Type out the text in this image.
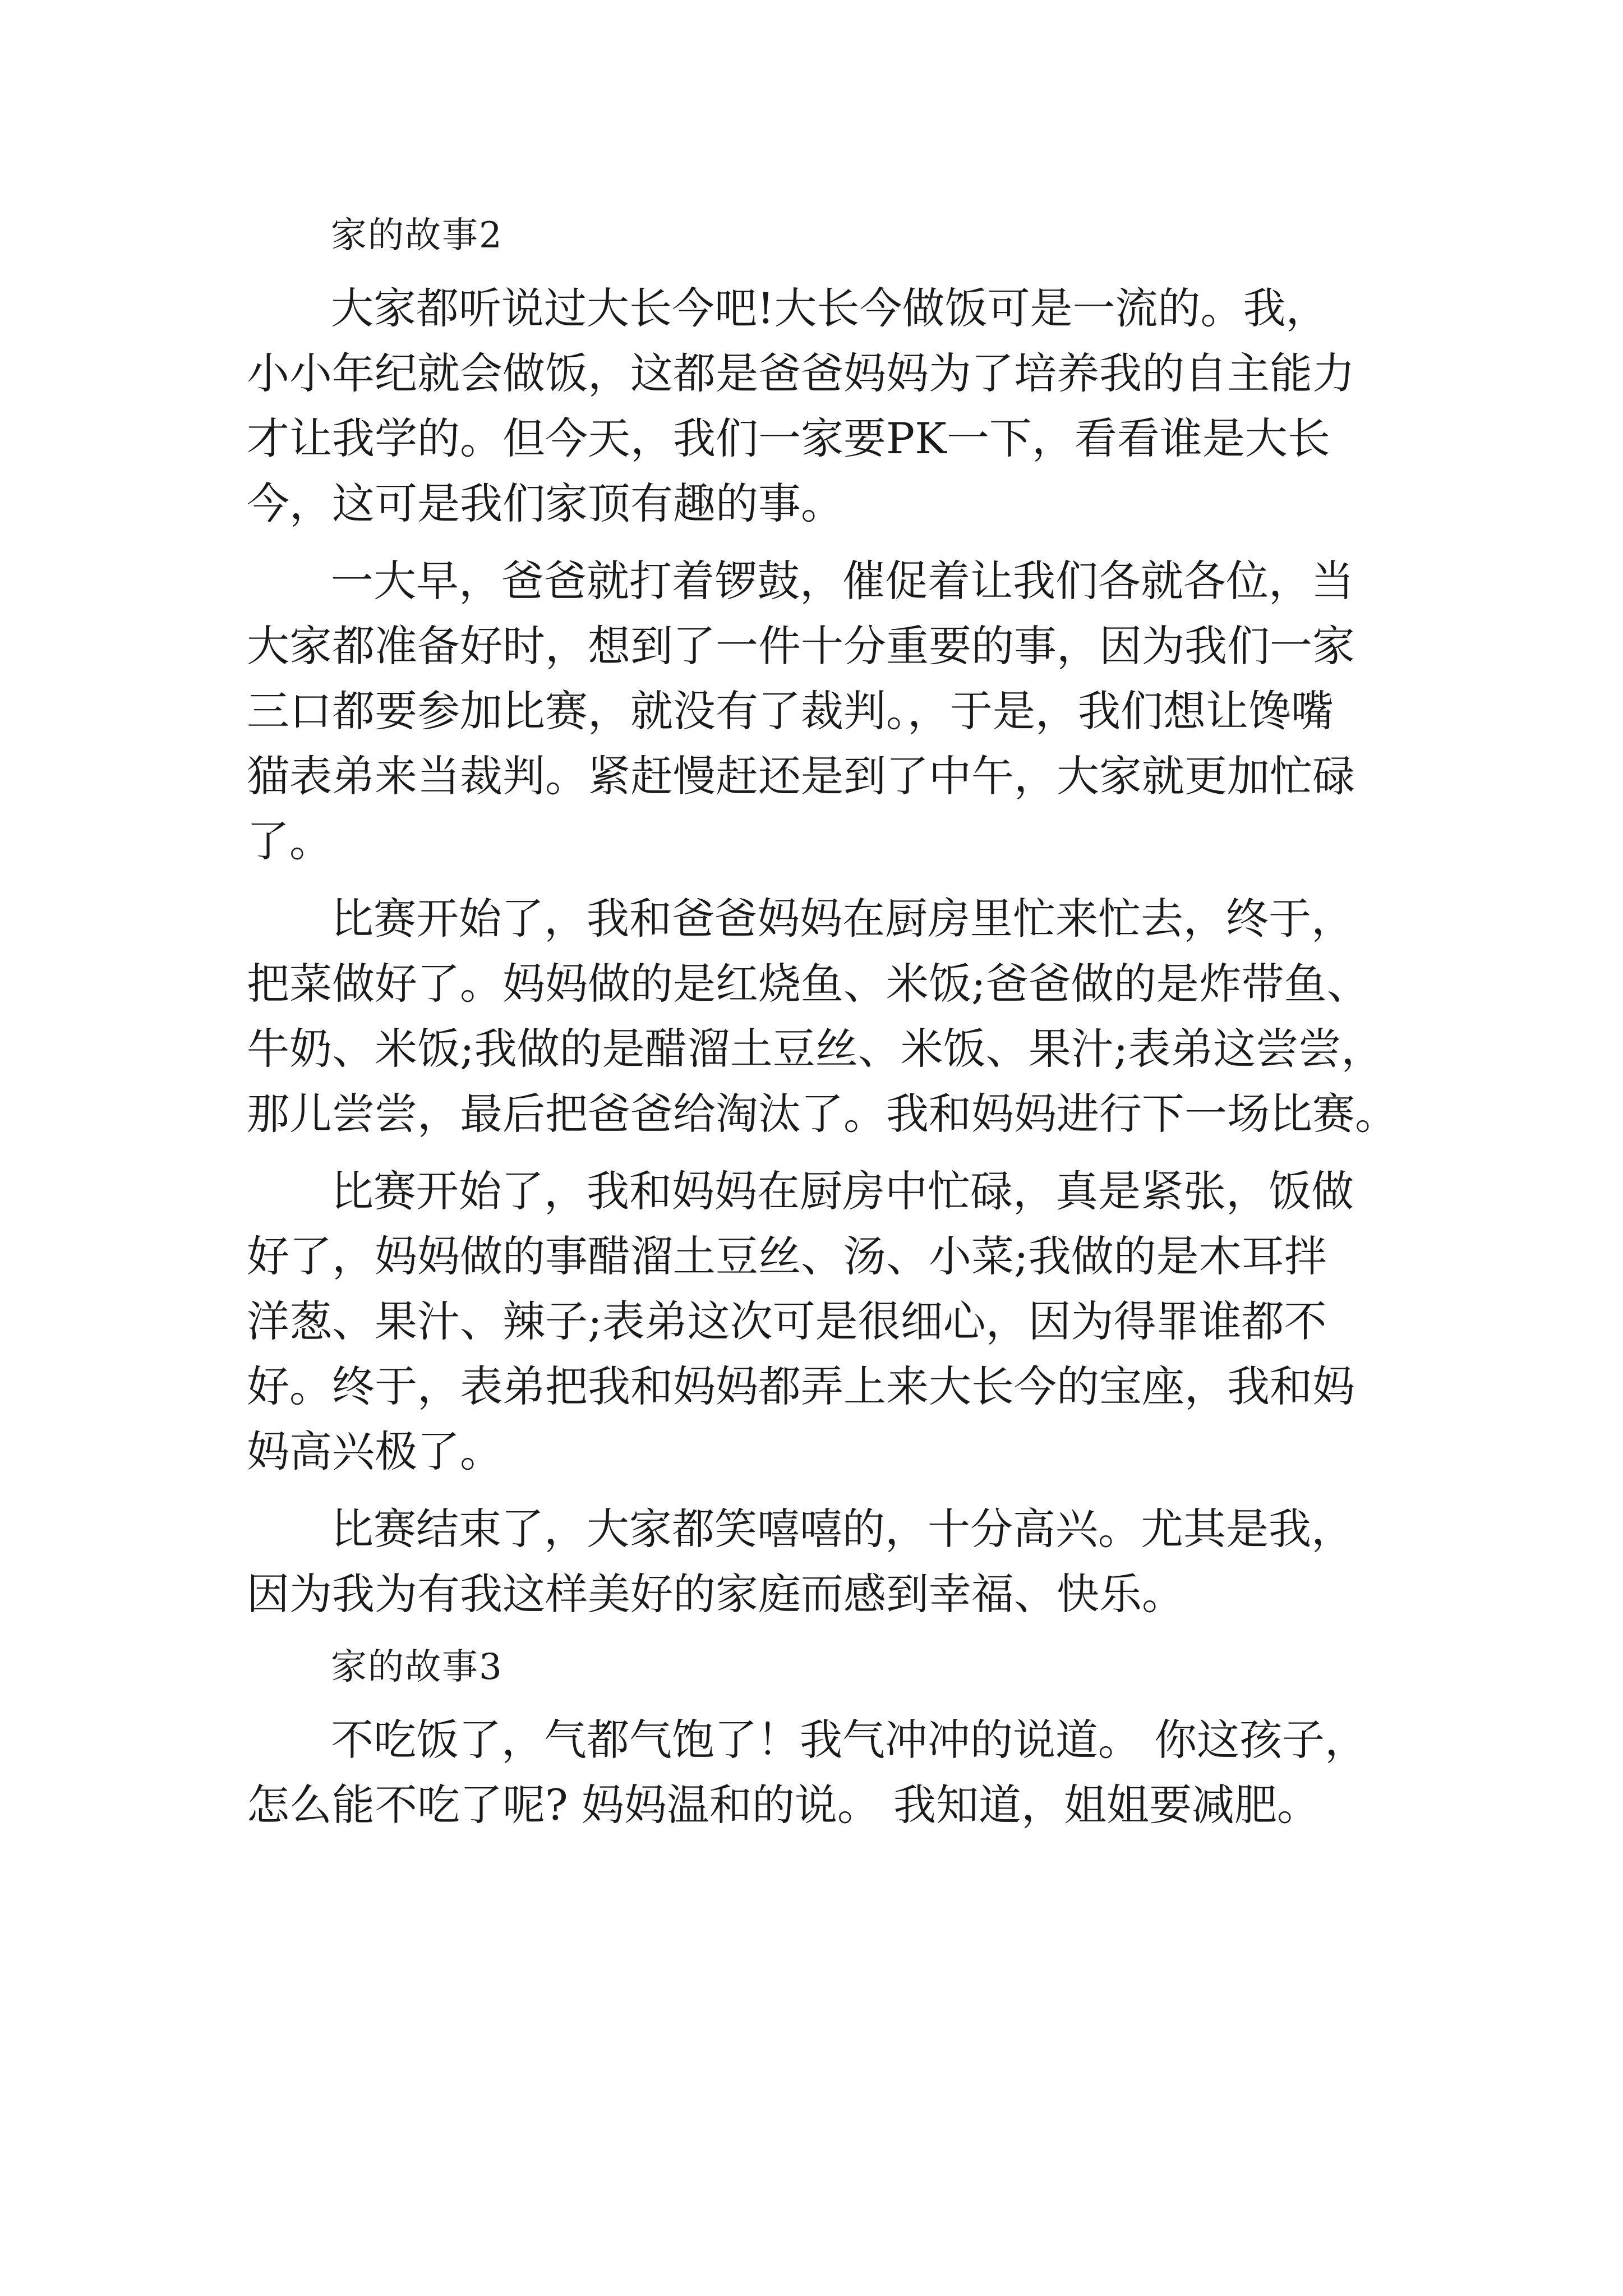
家的故事2
大家都听说过大长今吧!大长今做饭可是一流的。我，
小小年纪就会做饭，这都是爸爸妈妈为了培养我的自主能力
才让我学的。但今天，我们一家要PK一下，看看谁是大长
今，这可是我们家顶有趣的事。
一大早，爸爸就打着锣鼓，催促着让我们各就各位，当
大家都准备好时，想到了一件十分重要的事，因为我们一家
三口都要参加比赛，就没有了裁判。，于是，我们想让馋嘴
猫表弟来当裁判。紧赶慢赶还是到了中午，大家就更加忙碌
了。
比赛开始了，我和爸爸妈妈在厨房里忙来忙去，终于，
把菜做好了。妈妈做的是红烧鱼、米饭;爸爸做的是炸带鱼、
牛奶、米饭;我做的是醋溜土豆丝、米饭、果汁;表弟这尝尝，
那儿尝尝，最后把爸爸给淘汰了。我和妈妈进行下一场比赛。
比赛开始了，我和妈妈在厨房中忙碌，真是紧张，饭做
好了，妈妈做的事醋溜土豆丝、汤、小菜;我做的是木耳拌
洋葱、果汁、辣子;表弟这次可是很细心，因为得罪谁都不
好。终于，表弟把我和妈妈都弄上来大长今的宝座，我和妈
妈高兴极了。
比赛结束了，大家都笑嘻嘻的，十分高兴。尤其是我，
因为我为有我这样美好的家庭而感到幸福、快乐。
家的故事3
不吃饭了，气都气饱了！我气冲冲的说道。 你这孩子，
怎么能不吃了呢? 妈妈温和的说。 我知道，姐姐要减肥。
